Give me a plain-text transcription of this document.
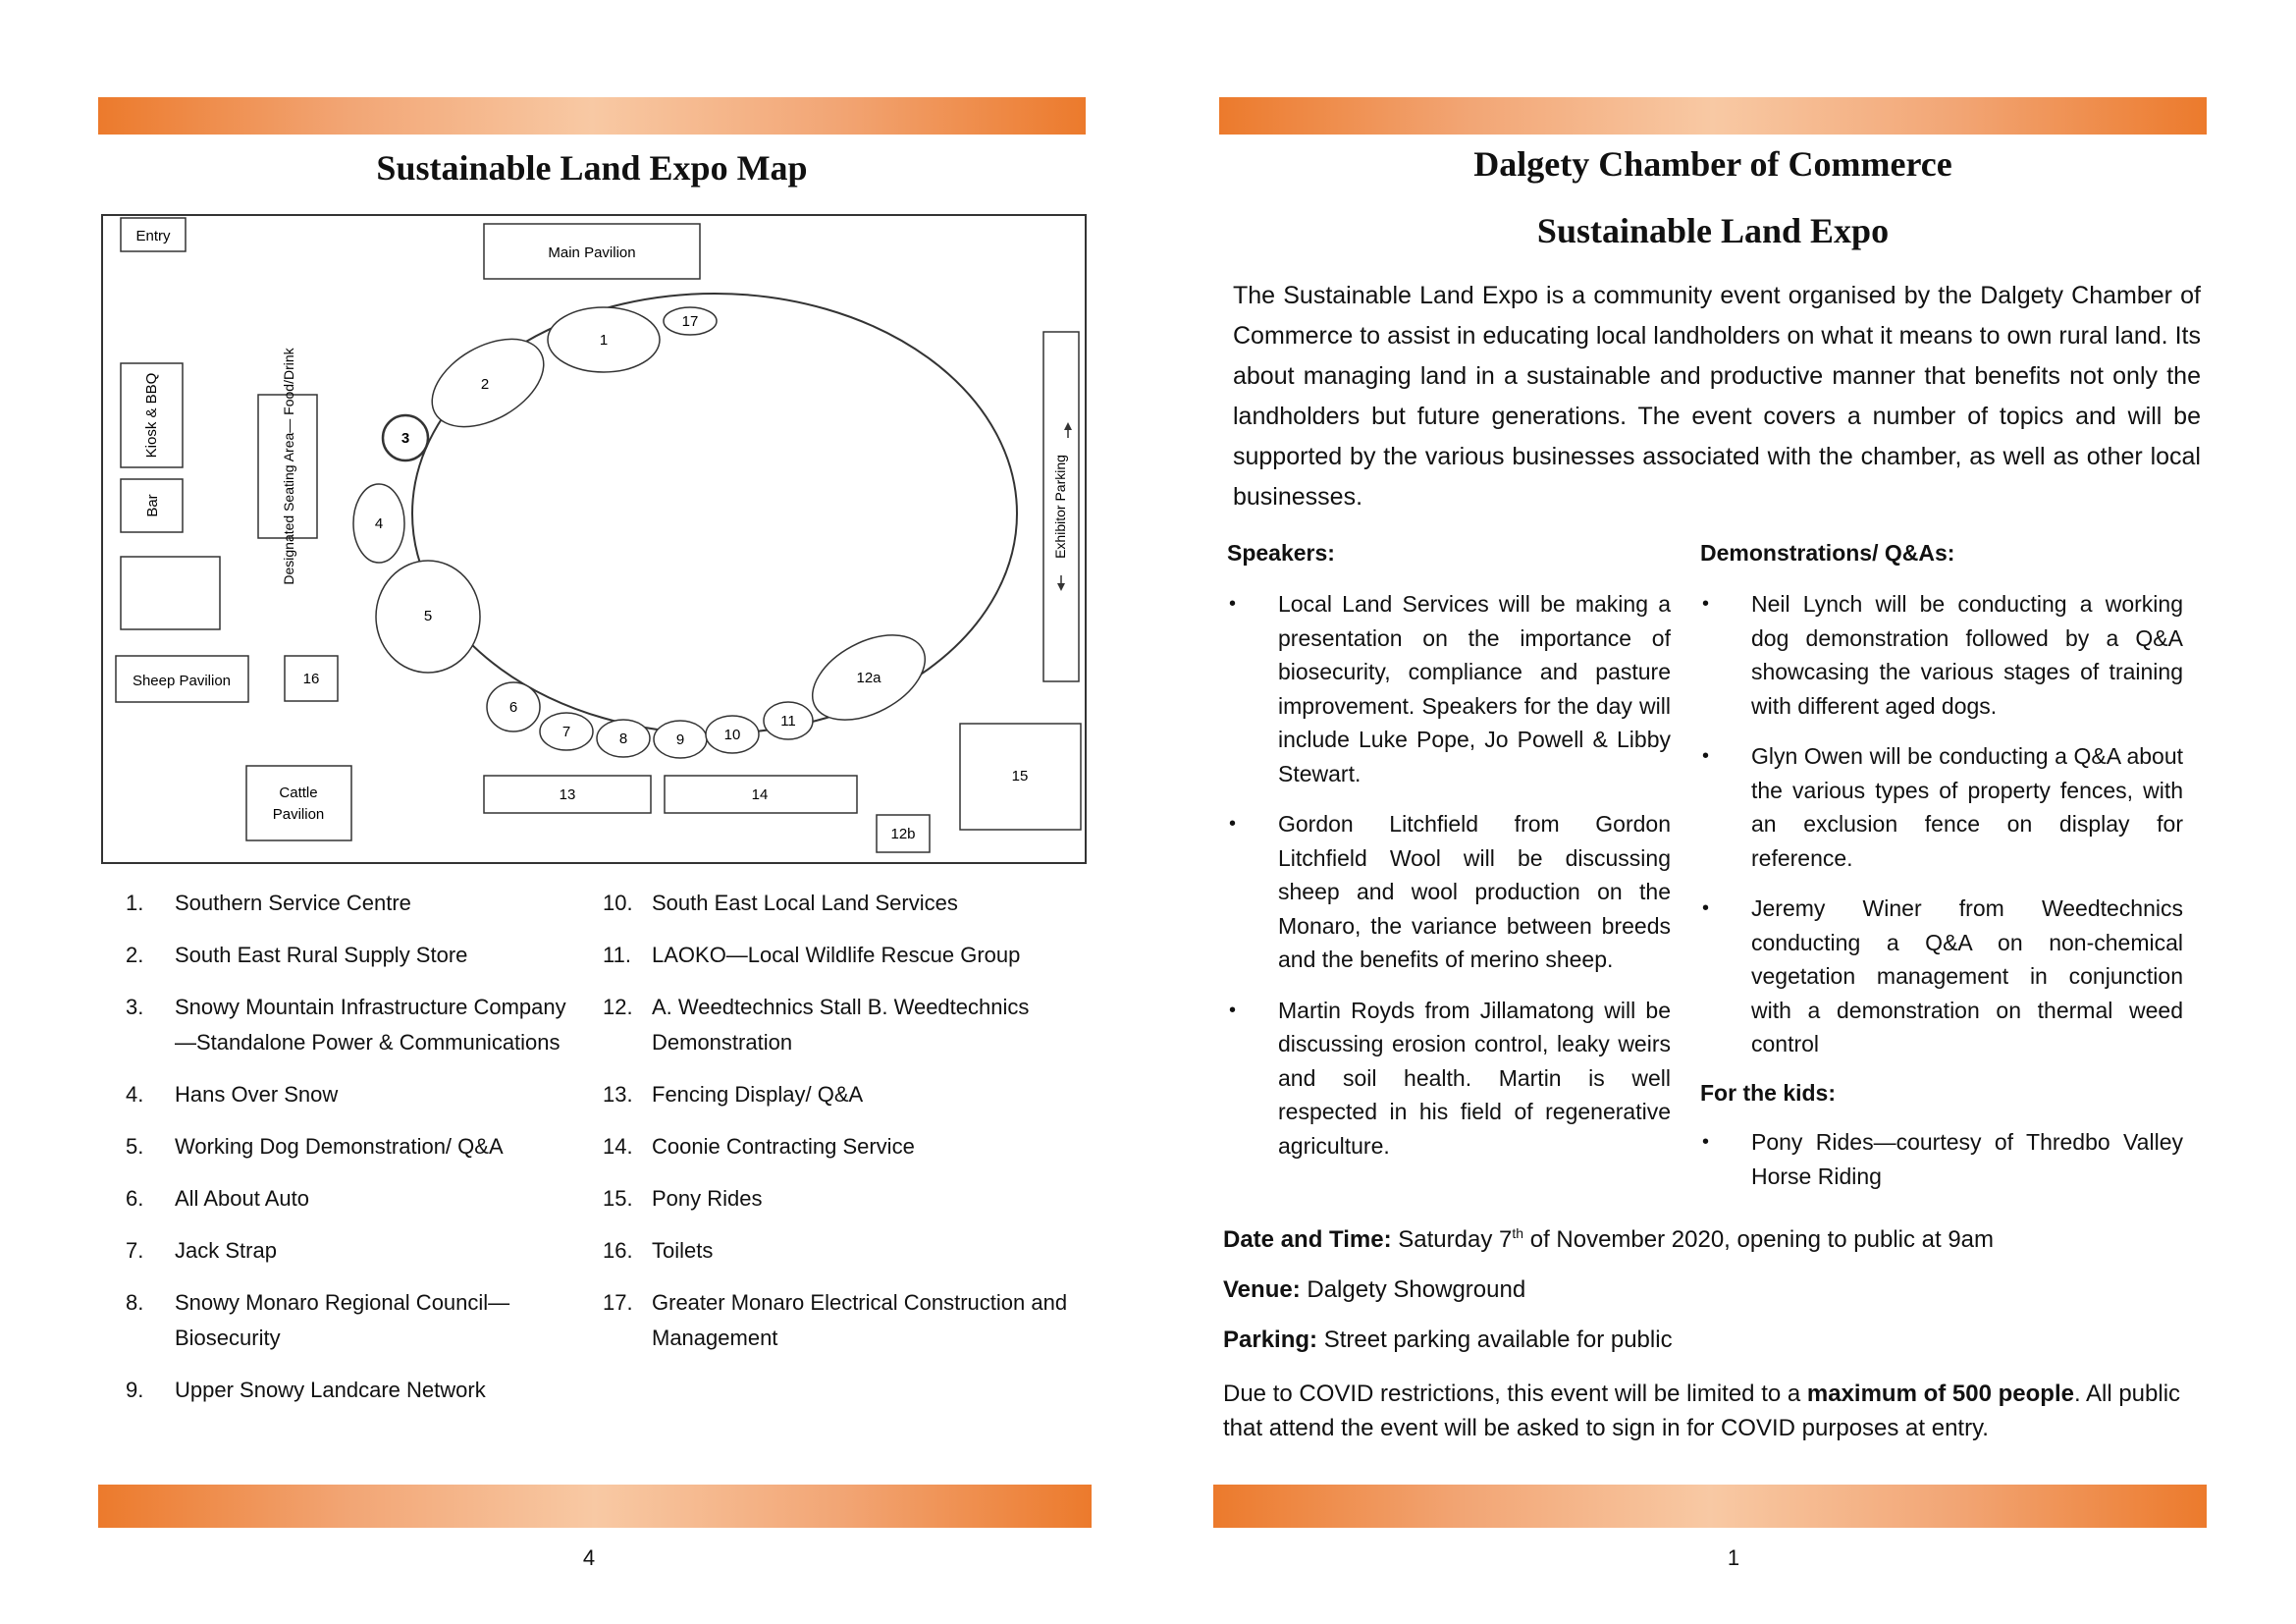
Sustainable Land Expo Map
Entry
Main Pavilion
Kiosk & BBQ
Bar	Designated Seating Area— Food/Drink
Sheep Pavilion
Cattle
Pavilion
Exhibitor Parking
1
2
3
4
5
6
7	8	9	10
11
12a
13	14
15
16
17
12b
1.	Southern Service Centre
2.	South East Rural Supply Store
3.	Snowy Mountain Infrastructure Company—Standalone Power & Communications
4.	Hans Over Snow
5.	Working Dog Demonstration/ Q&A
6.	All About Auto
7.	Jack Strap
8.	Snowy Monaro Regional Council—Biosecurity
9.	Upper Snowy Landcare Network
10. South East Local Land Services
11. LAOKO—Local Wildlife Rescue Group
12. A. Weedtechnics Stall B. Weedtechnics Demonstration
13. Fencing Display/ Q&A
14. Coonie Contracting Service
15. Pony Rides
16. Toilets
17. Greater Monaro Electrical Construction and Management
4
Dalgety Chamber of Commerce
Sustainable Land Expo
The Sustainable Land Expo is a community event organised by the Dalgety Chamber of Commerce to assist in educating local landholders on what it means to own rural land. Its about managing land in a sustainable and productive manner that benefits not only the landholders but future generations. The event covers a number of topics and will be supported by the various businesses associated with the chamber, as well as other local businesses.
Speakers:
•	Local Land Services will be making a presentation on the importance of biosecurity, compliance and pasture improvement. Speakers for the day will include Luke Pope, Jo Powell & Libby Stewart.
•	Gordon Litchfield from Gordon Litchfield Wool will be discussing sheep and wool production on the Monaro, the variance between breeds and the benefits of merino sheep.
•	Martin Royds from Jillamatong will be discussing erosion control, leaky weirs and soil health. Martin is well respected in his field of regenerative agriculture.
Demonstrations/ Q&As:
•	Neil Lynch will be conducting a working dog demonstration followed by a Q&A showcasing the various stages of training with different aged dogs.
•	Glyn Owen will be conducting a Q&A about the various types of property fences, with an exclusion fence on display for reference.
•	Jeremy Winer from Weedtechnics conducting a Q&A on non-chemical vegetation management in conjunction with a demonstration on thermal weed control
For the kids:
•	Pony Rides—courtesy of Thredbo Valley Horse Riding
Date and Time: Saturday 7th of November 2020, opening to public at 9am
Venue: Dalgety Showground
Parking: Street parking available for public
Due to COVID restrictions, this event will be limited to a maximum of 500 people. All public that attend the event will be asked to sign in for COVID purposes at entry.
1
